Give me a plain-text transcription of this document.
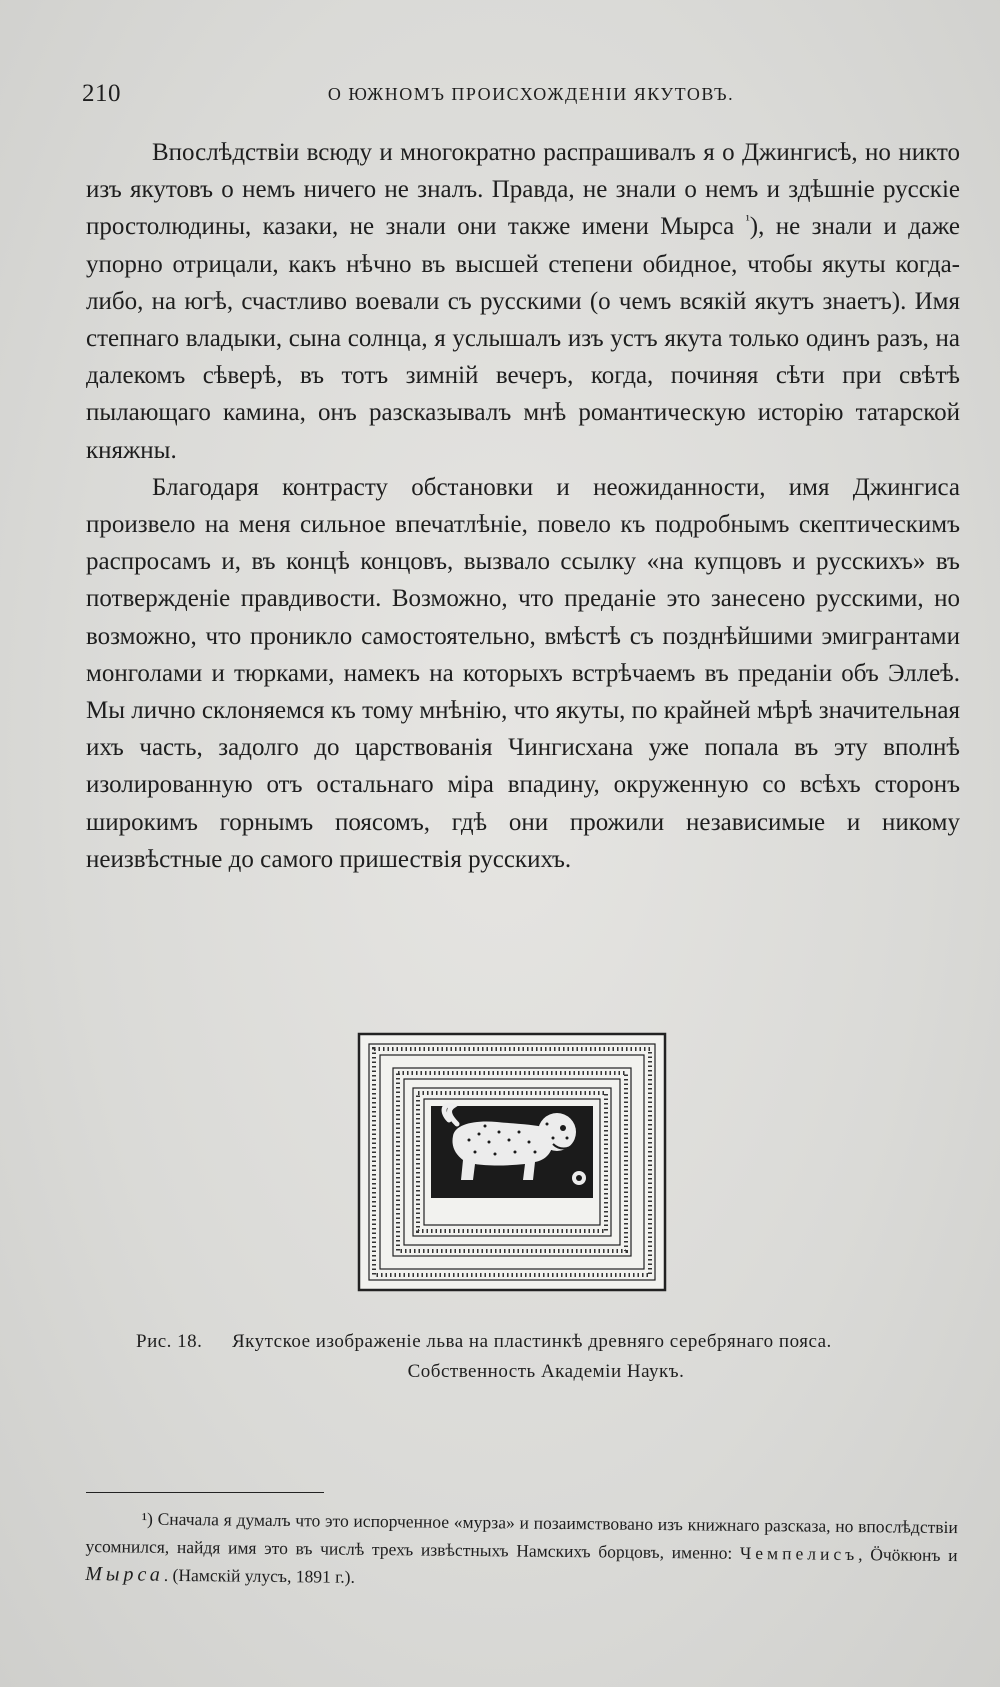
210	О ЮЖНОМЪ ПРОИСХОЖДЕНІИ ЯКУТОВЪ.

Впослѣдствіи всюду и многократно распрашивалъ я о Джингисѣ, но никто изъ якутовъ о немъ ничего не зналъ. Правда, не знали о немъ и здѣшніе русскіе простолюдины, казаки, не знали они также имени Мырса $^{^1}$), не знали и даже упорно отрицали, какъ нѣчно въ высшей степени обидное, чтобы якуты когда-либо, на югѣ, счастливо воевали съ русскими (о чемъ всякій якутъ знаетъ). Имя степнаго владыки, сына солнца, я услышалъ изъ устъ якута только одинъ разъ, на далекомъ сѣверѣ, въ тотъ зимній вечеръ, когда, починяя сѣти при свѣтѣ пылающаго камина, онъ разсказывалъ мнѣ романтическую исторію татарской княжны.

Благодаря контрасту обстановки и неожиданности, имя Джингиса произвело на меня сильное впечатлѣніе, повело къ подробнымъ скептическимъ распросамъ и, въ концѣ концовъ, вызвало ссылку «на купцовъ и русскихъ» въ потвержденіе правдивости. Возможно, что преданіе это занесено русскими, но возможно, что проникло самостоятельно, вмѣстѣ съ позднѣйшими эмигрантами монголами и тюрками, намекъ на которыхъ встрѣчаемъ въ преданіи объ Эллеѣ. Мы лично склоняемся къ тому мнѣнію, что якуты, по крайней мѣрѣ значительная ихъ часть, задолго до царствованія Чингисхана уже попала въ эту вполнѣ изолированную отъ остальнаго міра впадину, окруженную со всѣхъ сторонъ широкимъ горнымъ поясомъ, гдѣ они прожили независимые и никому неизвѣстные до самого пришествія русскихъ.

Рис. 18. Якутское изображеніе льва на пластинкѣ древняго серебрянаго пояса.
Собственность Академіи Наукъ.

¹) Сначала я думалъ что это испорченное «мурза» и позаимствовано изъ книжнаго разсказа, но впослѣдствіи усомнился, найдя имя это въ числѣ трехъ извѣстныхъ Намскихъ борцовъ, именно: Чемпелисъ, Öчöкюнъ и Мырса. (Намскій улусъ, 1891 г.).
